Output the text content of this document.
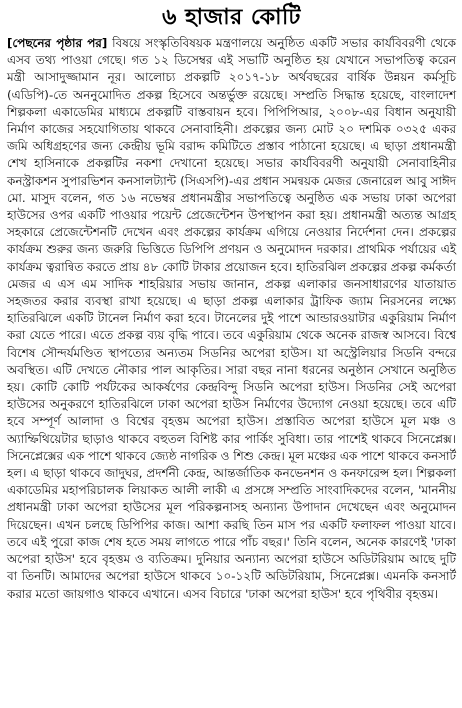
৬ হাজার কোটি

[পেছনের পৃষ্ঠার পর] বিষয়ে সংস্কৃতিবিষয়ক মন্ত্রণালয়ে অনুষ্ঠিত একটি সভার কার্যবিবরণী থেকে এসব তথ্য পাওয়া গেছে। গত ১২ ডিসেম্বর এই সভাটি অনুষ্ঠিত হয় যেখানে সভাপতিত্ব করেন মন্ত্রী আসাদুজ্জামান নূর। আলোচ্য প্রকল্পটি ২০১৭-১৮ অর্থবছরের বার্ষিক উন্নয়ন কর্মসূচি (এডিপি)-তে অননুমোদিত প্রকল্প হিসেবে অন্তর্ভুক্ত রয়েছে। সম্প্রতি সিদ্ধান্ত হয়েছে, বাংলাদেশ শিল্পকলা একাডেমির মাধ্যমে প্রকল্পটি বাস্তবায়ন হবে। পিপিপিআর, ২০০৮-এর বিধান অনুযায়ী নির্মাণ কাজের সহযোগিতায় থাকবে সেনাবাহিনী। প্রকল্পের জন্য মোট ২০ দশমিক ০৩২৫ একর জমি অধিগ্রহণের জন্য কেন্দ্রীয় ভূমি বরাদ্দ কমিটিতে প্রস্তাব পাঠানো হয়েছে। এ ছাড়া প্রধানমন্ত্রী শেখ হাসিনাকে প্রকল্পটির নকশা দেখানো হয়েছে। সভার কার্যবিবরণী অনুযায়ী সেনাবাহিনীর কনস্ট্রাকশন সুপারভিশন কনসালট্যান্ট (সিএসপি)-এর প্রধান সমন্বয়ক মেজর জেনারেল আবু সাঈদ মো. মাসুদ বলেন, গত ১৬ নভেম্বর প্রধানমন্ত্রীর সভাপতিত্বে অনুষ্ঠিত এক সভায় ঢাকা অপেরা হাউসের ওপর একটি পাওয়ার পয়েন্ট প্রেজেন্টেশন উপস্থাপন করা হয়। প্রধানমন্ত্রী অত্যন্ত আগ্রহ সহকারে প্রেজেন্টেশনটি দেখেন এবং প্রকল্পের কার্যক্রম এগিয়ে নেওয়ার নির্দেশনা দেন। প্রকল্পের কার্যক্রম শুরুর জন্য জরুরি ভিত্তিতে ডিপিপি প্রণয়ন ও অনুমোদন দরকার। প্রাথমিক পর্যায়ের এই কার্যক্রম ত্বরান্বিত করতে প্রায় ৪৮ কোটি টাকার প্রয়োজন হবে। হাতিরঝিল প্রকল্পের প্রকল্প কর্মকর্তা মেজর এ এস এম সাদিক শাহরিয়ার সভায় জানান, প্রকল্প এলাকার জনসাধারণের যাতায়াত সহজতর করার ব্যবস্থা রাখা হয়েছে। এ ছাড়া প্রকল্প এলাকার ট্রাফিক জ্যাম নিরসনের লক্ষ্যে হাতিরঝিলে একটি টানেল নির্মাণ করা হবে। টানেলের দুই পাশে আন্ডারওয়াটার একুরিয়াম নির্মাণ করা যেতে পারে। এতে প্রকল্প ব্যয় বৃদ্ধি পাবে। তবে একুরিয়াম থেকে অনেক রাজস্ব আসবে। বিশ্বে বিশেষ সৌন্দর্যমণ্ডিত স্থাপত্যের অন্যতম সিডনির অপেরা হাউস। যা অস্ট্রেলিয়ার সিডনি বন্দরে অবস্থিত। এটি দেখতে নৌকার পাল আকৃতির। সারা বছর নানা ধরনের অনুষ্ঠান সেখানে অনুষ্ঠিত হয়। কোটি কোটি পর্যটকের আকর্ষণের কেন্দ্রবিন্দু সিডনি অপেরা হাউস। সিডনির সেই অপেরা হাউসের অনুকরণে হাতিরঝিলে ঢাকা অপেরা হাউস নির্মাণের উদ্যোগ নেওয়া হয়েছে। তবে এটি হবে সম্পূর্ণ আলাদা ও বিশ্বের বৃহত্তম অপেরা হাউস। প্রস্তাবিত অপেরা হাউসে মূল মঞ্চ ও অ্যাম্ফিথিয়েটার ছাড়াও থাকবে বহুতল বিশিষ্ট কার পার্কিং সুবিধা। তার পাশেই থাকবে সিনেপ্লেক্স। সিনেপ্লেক্সের এক পাশে থাকবে জ্যেষ্ঠ নাগরিক ও শিশু কেন্দ্র। মূল মঞ্চের এক পাশে থাকবে কনসার্ট হল। এ ছাড়া থাকবে জাদুঘর, প্রদর্শনী কেন্দ্র, আন্তর্জাতিক কনভেনশন ও কনফারেন্স হল। শিল্পকলা একাডেমির মহাপরিচালক লিয়াকত আলী লাকী এ প্রসঙ্গে সম্প্রতি সাংবাদিকদের বলেন, 'মাননীয় প্রধানমন্ত্রী ঢাকা অপেরা হাউসের মূল পরিকল্পনাসহ অন্যান্য উপাদান দেখেছেন এবং অনুমোদন দিয়েছেন। এখন চলছে ডিপিপির কাজ। আশা করছি তিন মাস পর একটি ফলাফল পাওয়া যাবে। তবে এই পুরো কাজ শেষ হতে সময় লাগতে পারে পাঁচ বছর।' তিনি বলেন, অনেক কারণেই 'ঢাকা অপেরা হাউস' হবে বৃহত্তম ও ব্যতিক্রম। দুনিয়ার অন্যান্য অপেরা হাউসে অডিটরিয়াম আছে দুটি বা তিনটি। আমাদের অপেরা হাউসে থাকবে ১০-১২টি অডিটরিয়াম, সিনেপ্লেক্স। এমনকি কনসার্ট করার মতো জায়গাও থাকবে এখানে। এসব বিচারে 'ঢাকা অপেরা হাউস' হবে পৃথিবীর বৃহত্তম।
